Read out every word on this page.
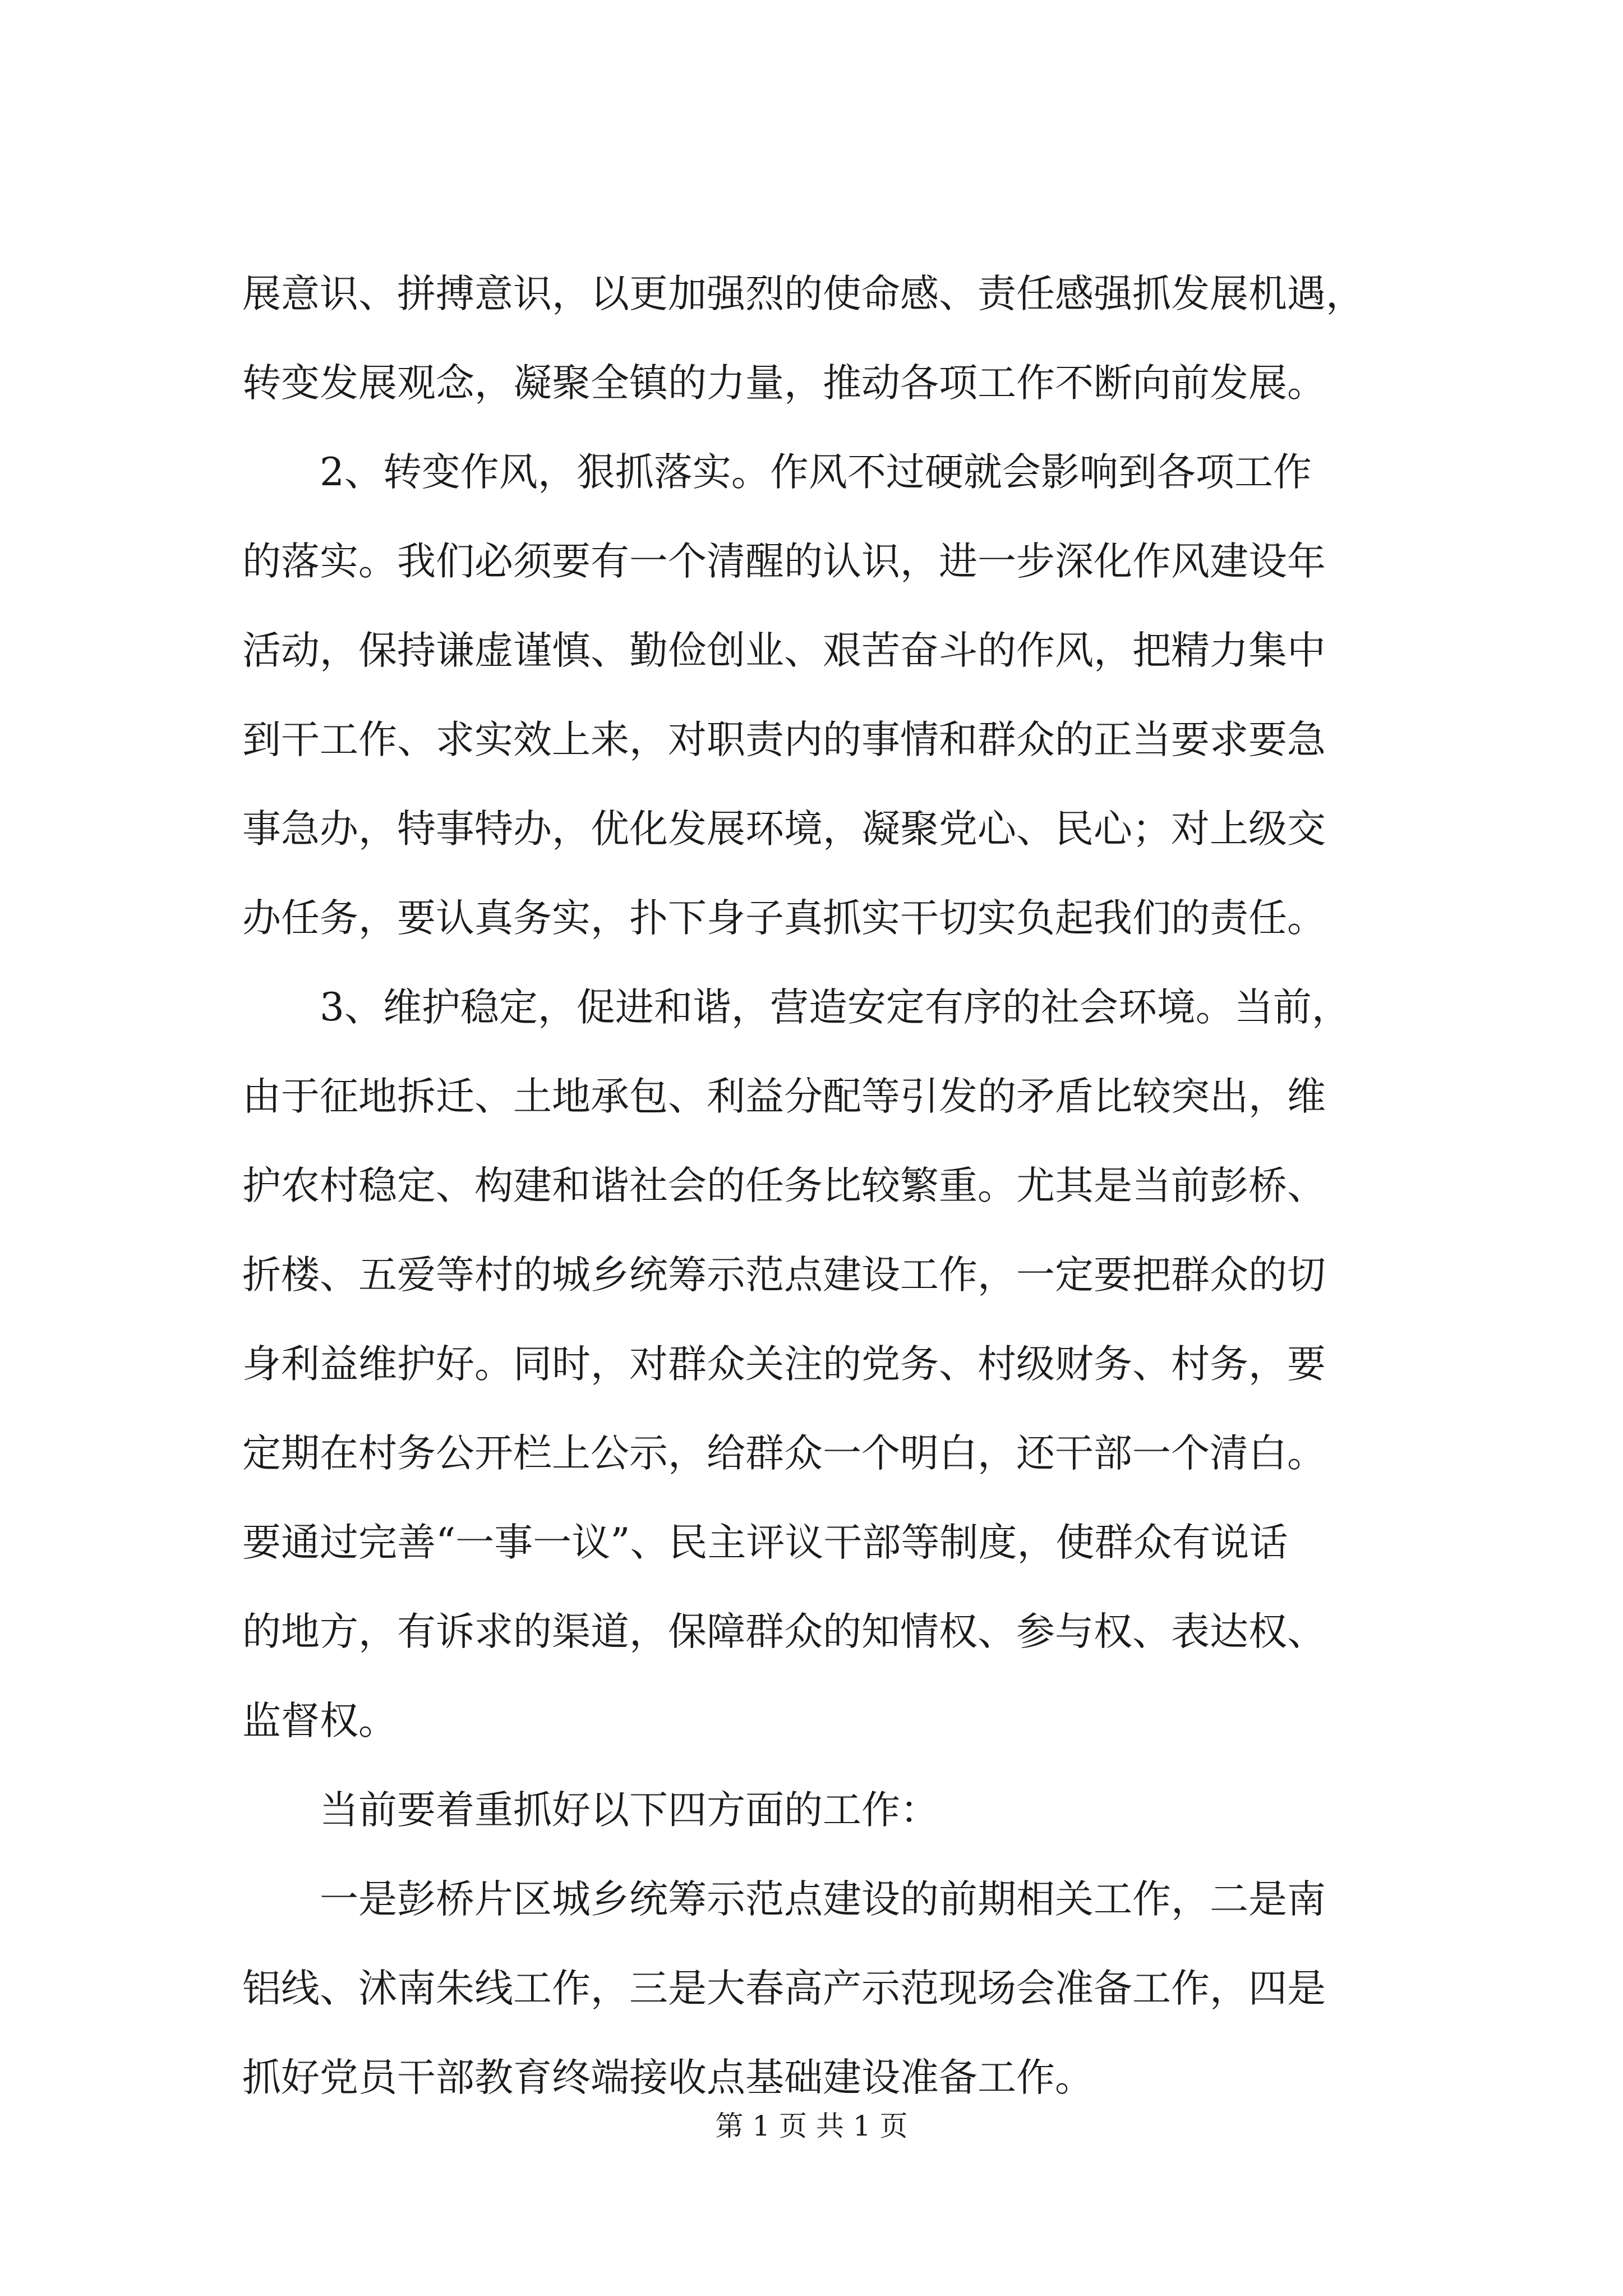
展意识、拼搏意识，以更加强烈的使命感、责任感强抓发展机遇，
转变发展观念，凝聚全镇的力量，推动各项工作不断向前发展。
2、转变作风，狠抓落实。作风不过硬就会影响到各项工作
的落实。我们必须要有一个清醒的认识，进一步深化作风建设年
活动，保持谦虚谨慎、勤俭创业、艰苦奋斗的作风，把精力集中
到干工作、求实效上来，对职责内的事情和群众的正当要求要急
事急办，特事特办，优化发展环境，凝聚党心、民心；对上级交
办任务，要认真务实，扑下身子真抓实干切实负起我们的责任。
3、维护稳定，促进和谐，营造安定有序的社会环境。当前，
由于征地拆迁、土地承包、利益分配等引发的矛盾比较突出，维
护农村稳定、构建和谐社会的任务比较繁重。尤其是当前彭桥、
折楼、五爱等村的城乡统筹示范点建设工作，一定要把群众的切
身利益维护好。同时，对群众关注的党务、村级财务、村务，要
定期在村务公开栏上公示，给群众一个明白，还干部一个清白。
要通过完善“一事一议”、民主评议干部等制度，使群众有说话
的地方，有诉求的渠道，保障群众的知情权、参与权、表达权、
监督权。
当前要着重抓好以下四方面的工作：
一是彭桥片区城乡统筹示范点建设的前期相关工作，二是南
铝线、沭南朱线工作，三是大春高产示范现场会准备工作，四是
抓好党员干部教育终端接收点基础建设准备工作。
第 1 页 共 1 页
